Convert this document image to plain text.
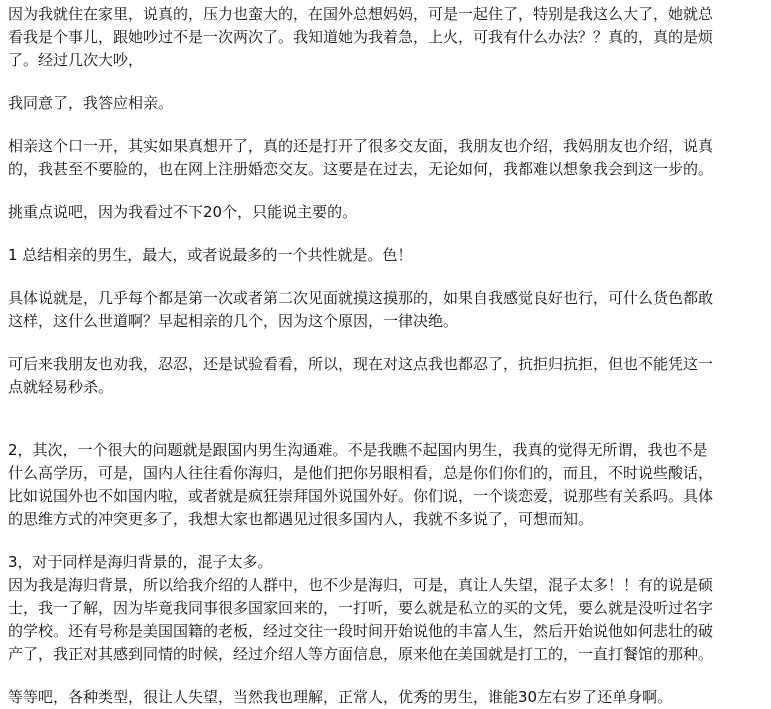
因为我就住在家里，说真的，压力也蛮大的，在国外总想妈妈，可是一起住了，特别是我这么大了，她就总
看我是个事儿，跟她吵过不是一次两次了。我知道她为我着急，上火，可我有什么办法？？真的，真的是烦
了。经过几次大吵，

我同意了，我答应相亲。

相亲这个口一开，其实如果真想开了，真的还是打开了很多交友面，我朋友也介绍，我妈朋友也介绍，说真
的，我甚至不要脸的，也在网上注册婚恋交友。这要是在过去，无论如何，我都难以想象我会到这一步的。

挑重点说吧，因为我看过不下20个，只能说主要的。

1 总结相亲的男生，最大，或者说最多的一个共性就是。色！

具体说就是，几乎每个都是第一次或者第二次见面就摸这摸那的，如果自我感觉良好也行，可什么货色都敢
这样，这什么世道啊？早起相亲的几个，因为这个原因，一律决绝。

可后来我朋友也劝我，忍忍，还是试验看看，所以，现在对这点我也都忍了，抗拒归抗拒，但也不能凭这一
点就轻易秒杀。

2，其次，一个很大的问题就是跟国内男生沟通难。不是我瞧不起国内男生，我真的觉得无所谓，我也不是
什么高学历，可是，国内人往往看你海归，是他们把你另眼相看，总是你们你们的，而且，不时说些酸话，
比如说国外也不如国内啦，或者就是疯狂崇拜国外说国外好。你们说，一个谈恋爱，说那些有关系吗。具体
的思维方式的冲突更多了，我想大家也都遇见过很多国内人，我就不多说了，可想而知。

3，对于同样是海归背景的，混子太多。
因为我是海归背景，所以给我介绍的人群中，也不少是海归，可是，真让人失望，混子太多！！有的说是硕
士，我一了解，因为毕竟我同事很多国家回来的，一打听，要么就是私立的买的文凭，要么就是没听过名字
的学校。还有号称是美国国籍的老板，经过交往一段时间开始说他的丰富人生，然后开始说他如何悲壮的破
产了，我正对其感到同情的时候，经过介绍人等方面信息，原来他在美国就是打工的，一直打餐馆的那种。

等等吧，各种类型，很让人失望，当然我也理解，正常人，优秀的男生，谁能30左右岁了还单身啊。
